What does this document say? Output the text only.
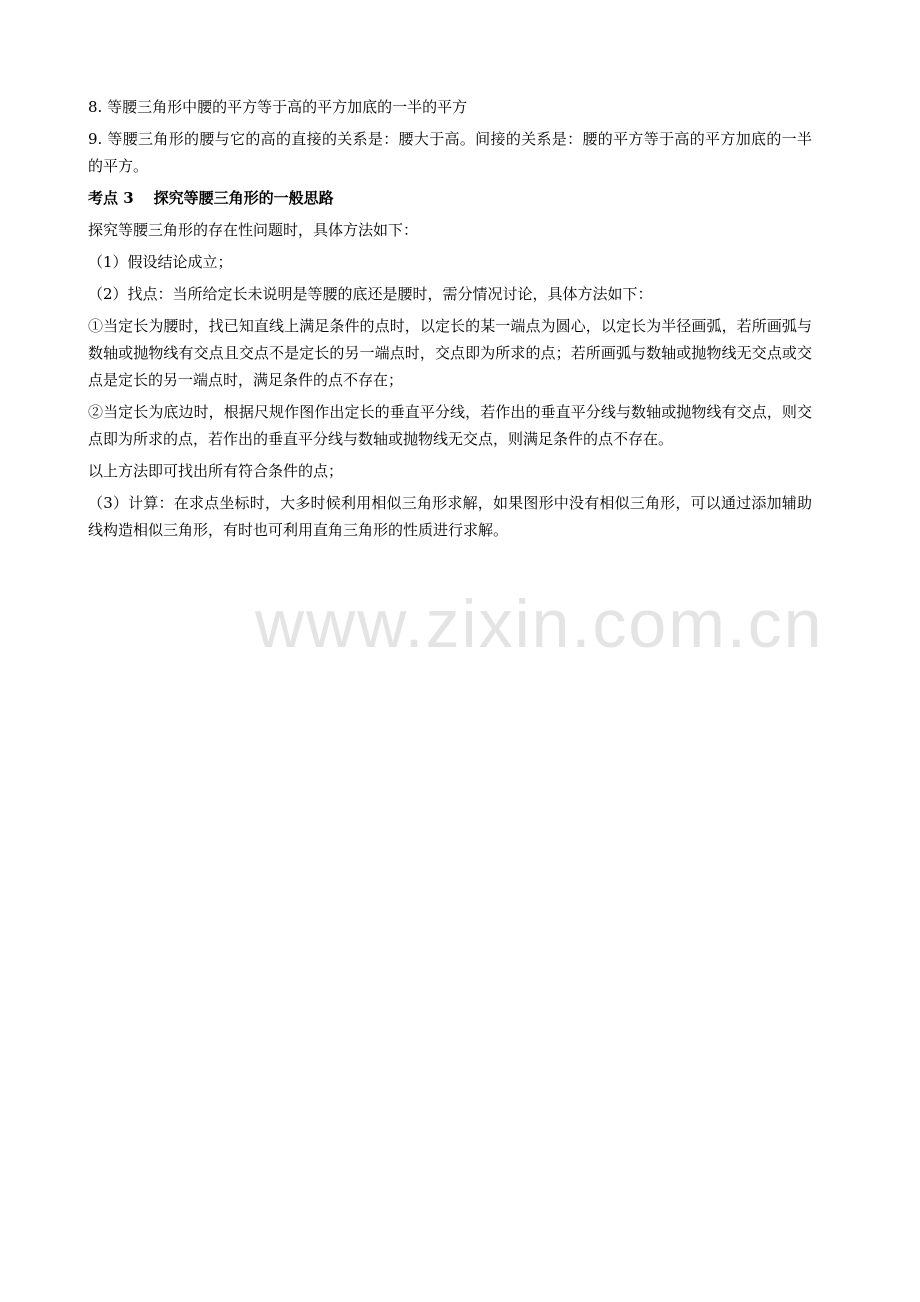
www.zixin.com.cn

8. 等腰三角形中腰的平方等于高的平方加底的一半的平方

9. 等腰三角形的腰与它的高的直接的关系是：腰大于高。间接的关系是：腰的平方等于高的平方加底的一半的平方。

考点 3 探究等腰三角形的一般思路

探究等腰三角形的存在性问题时，具体方法如下：

（1）假设结论成立；

（2）找点：当所给定长未说明是等腰的底还是腰时，需分情况讨论，具体方法如下：

①当定长为腰时，找已知直线上满足条件的点时，以定长的某一端点为圆心，以定长为半径画弧，若所画弧与数轴或抛物线有交点且交点不是定长的另一端点时，交点即为所求的点；若所画弧与数轴或抛物线无交点或交点是定长的另一端点时，满足条件的点不存在；

②当定长为底边时，根据尺规作图作出定长的垂直平分线，若作出的垂直平分线与数轴或抛物线有交点，则交点即为所求的点，若作出的垂直平分线与数轴或抛物线无交点，则满足条件的点不存在。

以上方法即可找出所有符合条件的点；

（3）计算：在求点坐标时，大多时候利用相似三角形求解，如果图形中没有相似三角形，可以通过添加辅助线构造相似三角形，有时也可利用直角三角形的性质进行求解。
